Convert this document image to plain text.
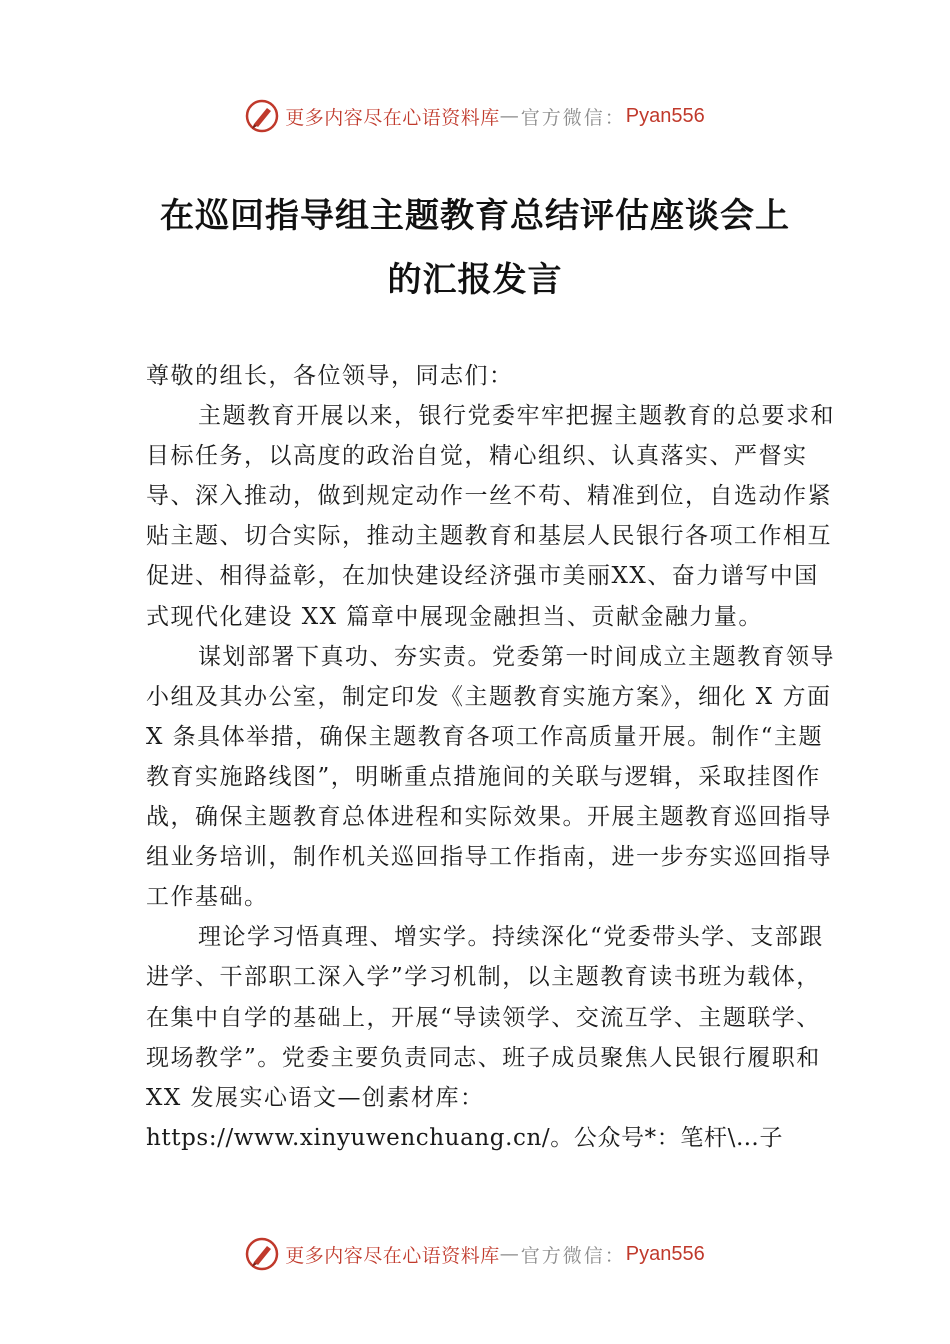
更多内容尽在心语资料库 — 官方微信： Pyan556
在巡回指导组主题教育总结评估座谈会上
的汇报发言

尊敬的组长，各位领导，同志们：

主题教育开展以来，银行党委牢牢把握主题教育的总要求和目标任务，以高度的政治自觉，精心组织、认真落实、严督实导、深入推动，做到规定动作一丝不苟、精准到位，自选动作紧贴主题、切合实际，推动主题教育和基层人民银行各项工作相互促进、相得益彰，在加快建设经济强市美丽XX、奋力谱写中国式现代化建设 XX 篇章中展现金融担当、贡献金融力量。

谋划部署下真功、夯实责。党委第一时间成立主题教育领导小组及其办公室，制定印发《主题教育实施方案》，细化 X 方面 X 条具体举措，确保主题教育各项工作高质量开展。制作“主题教育实施路线图”，明晰重点措施间的关联与逻辑，采取挂图作战，确保主题教育总体进程和实际效果。开展主题教育巡回指导组业务培训，制作机关巡回指导工作指南，进一步夯实巡回指导工作基础。

理论学习悟真理、增实学。持续深化“党委带头学、支部跟进学、干部职工深入学”学习机制，以主题教育读书班为载体，在集中自学的基础上，开展“导读领学、交流互学、主题联学、现场教学”。党委主要负责同志、班子成员聚焦人民银行履职和 XX 发展实心语文—创素材库：https://www.xinyuwenchuang.cn/。公众号*：笔杆\…子

更多内容尽在心语资料库 — 官方微信： Pyan556
